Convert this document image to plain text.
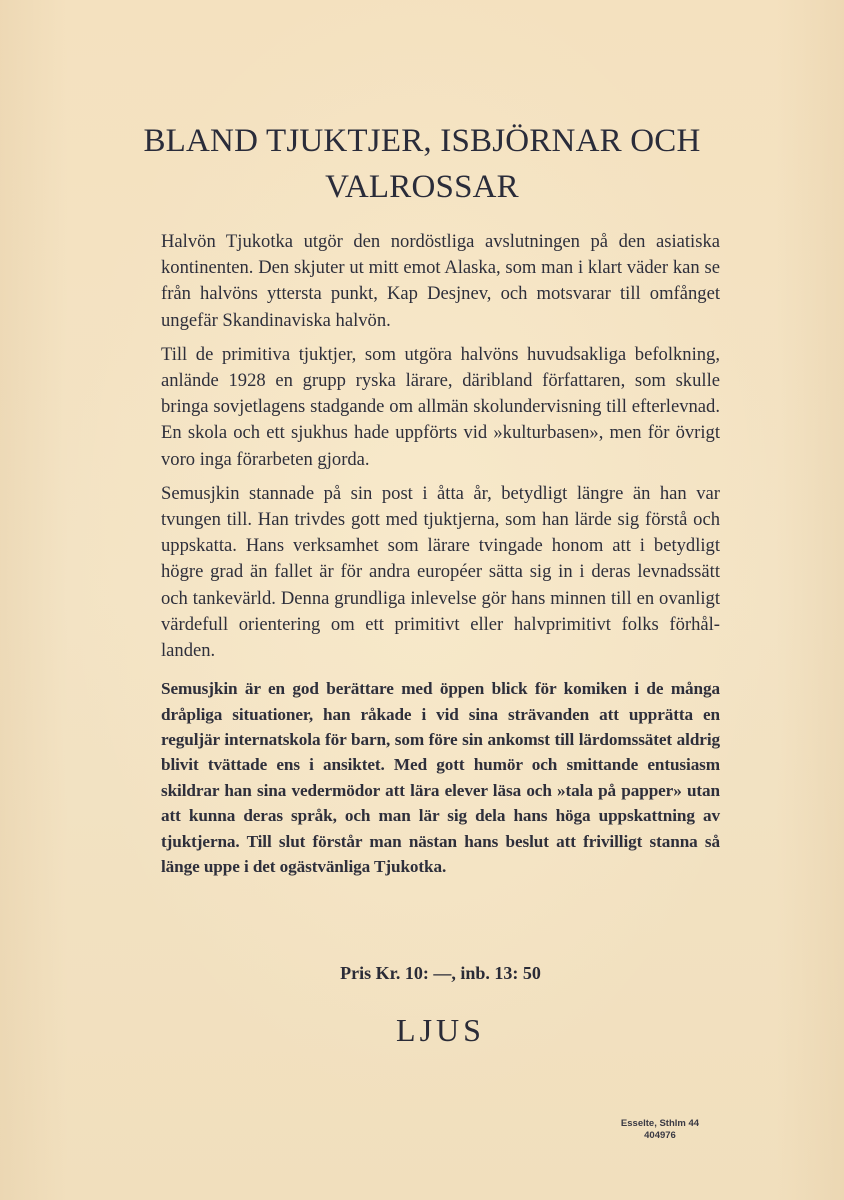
BLAND TJUKTJER, ISBJÖRNAR OCH
VALROSSAR

Halvön Tjukotka utgör den nordöstliga avslutningen på den asiatiska kontinenten. Den skjuter ut mitt emot Alaska, som man i klart väder kan se från halvöns yttersta punkt, Kap Desjnev, och motsvarar till omfånget ungefär Skandinaviska halvön.

Till de primitiva tjuktjer, som utgöra halvöns huvudsakliga befolkning, anlände 1928 en grupp ryska lärare, däribland författaren, som skulle bringa sovjetlagens stadgande om allmän skolundervisning till efterlevnad. En skola och ett sjukhus hade uppförts vid »kulturbasen», men för övrigt voro inga förarbeten gjorda.

Semusjkin stannade på sin post i åtta år, betydligt längre än han var tvungen till. Han trivdes gott med tjuktjerna, som han lärde sig förstå och uppskatta. Hans verksamhet som lärare tvingade honom att i betydligt högre grad än fallet är för andra européer sätta sig in i deras levnadssätt och tankevärld. Denna grundliga inlevelse gör hans minnen till en ovanligt värdefull orientering om ett primitivt eller halvprimitivt folks förhållanden.

Semusjkin är en god berättare med öppen blick för komiken i de många dråpliga situationer, han råkade i vid sina strävanden att upprätta en reguljär internatskola för barn, som före sin ankomst till lärdomssätet aldrig blivit tvättade ens i ansiktet. Med gott humör och smittande entusiasm skildrar han sina vedermödor att lära elever läsa och »tala på papper» utan att kunna deras språk, och man lär sig dela hans höga uppskattning av tjuktjerna. Till slut förstår man nästan hans beslut att frivilligt stanna så länge uppe i det ogästvänliga Tjukotka.

Pris Kr. 10: —, inb. 13: 50
LJUS
Esselte, Sthlm 44
404976
